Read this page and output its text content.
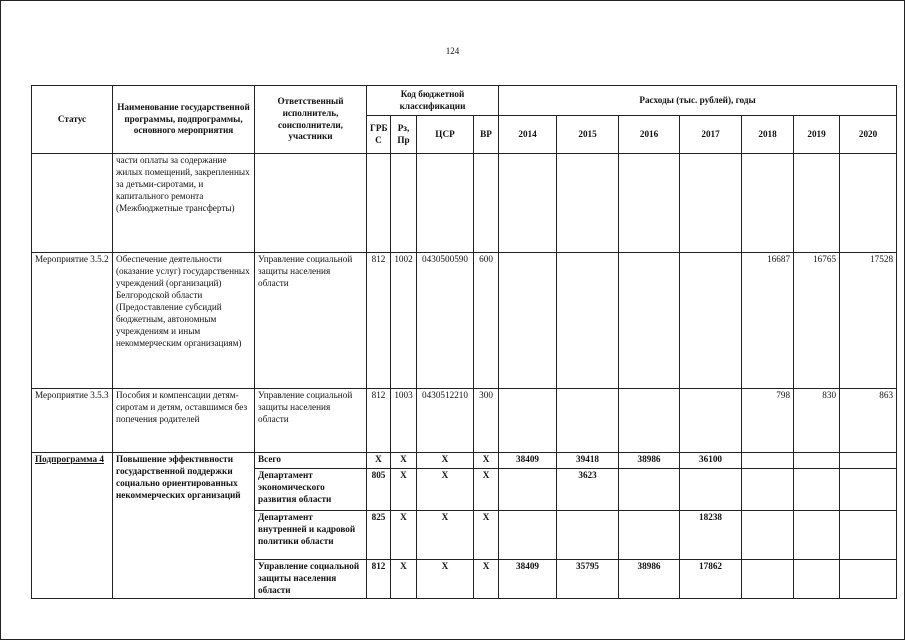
124
Статус	Наименование государственной программы, подпрограммы, основного мероприятия	Ответственный исполнитель, соисполнители, участники	Код бюджетной классификации				Расходы (тыс. рублей), годы						
			ГРБ С	Рз, Пр	ЦСР	ВР	2014	2015	2016	2017	2018	2019	2020
	части оплаты за содержание жилых помещений, закрепленных за детьми-сиротами, и капитального ремонта (Межбюджетные трансферты)												
Мероприятие 3.5.2	Обеспечение деятельности (оказание услуг) государственных учреждений (организаций) Белгородской области (Предоставление субсидий бюджетным, автономным учреждениям и иным некоммерческим организациям)	Управление социальной защиты населения области	812	1002	0430500590	600					16687	16765	17528
Мероприятие 3.5.3	Пособия и компенсации детям-сиротам и детям, оставшимся без попечения родителей	Управление социальной защиты населения области	812	1003	0430512210	300					798	830	863
Подпрограмма 4	Повышение эффективности государственной поддержки социально ориентированных некоммерческих организаций	Всего	Х	Х	Х	Х	38409	39418	38986	36100			
		Департамент экономического развития области	805	Х	Х	Х		3623					
		Департамент внутренней и кадровой политики области	825	Х	Х	Х				18238			
		Управление социальной защиты населения области	812	Х	Х	Х	38409	35795	38986	17862			
